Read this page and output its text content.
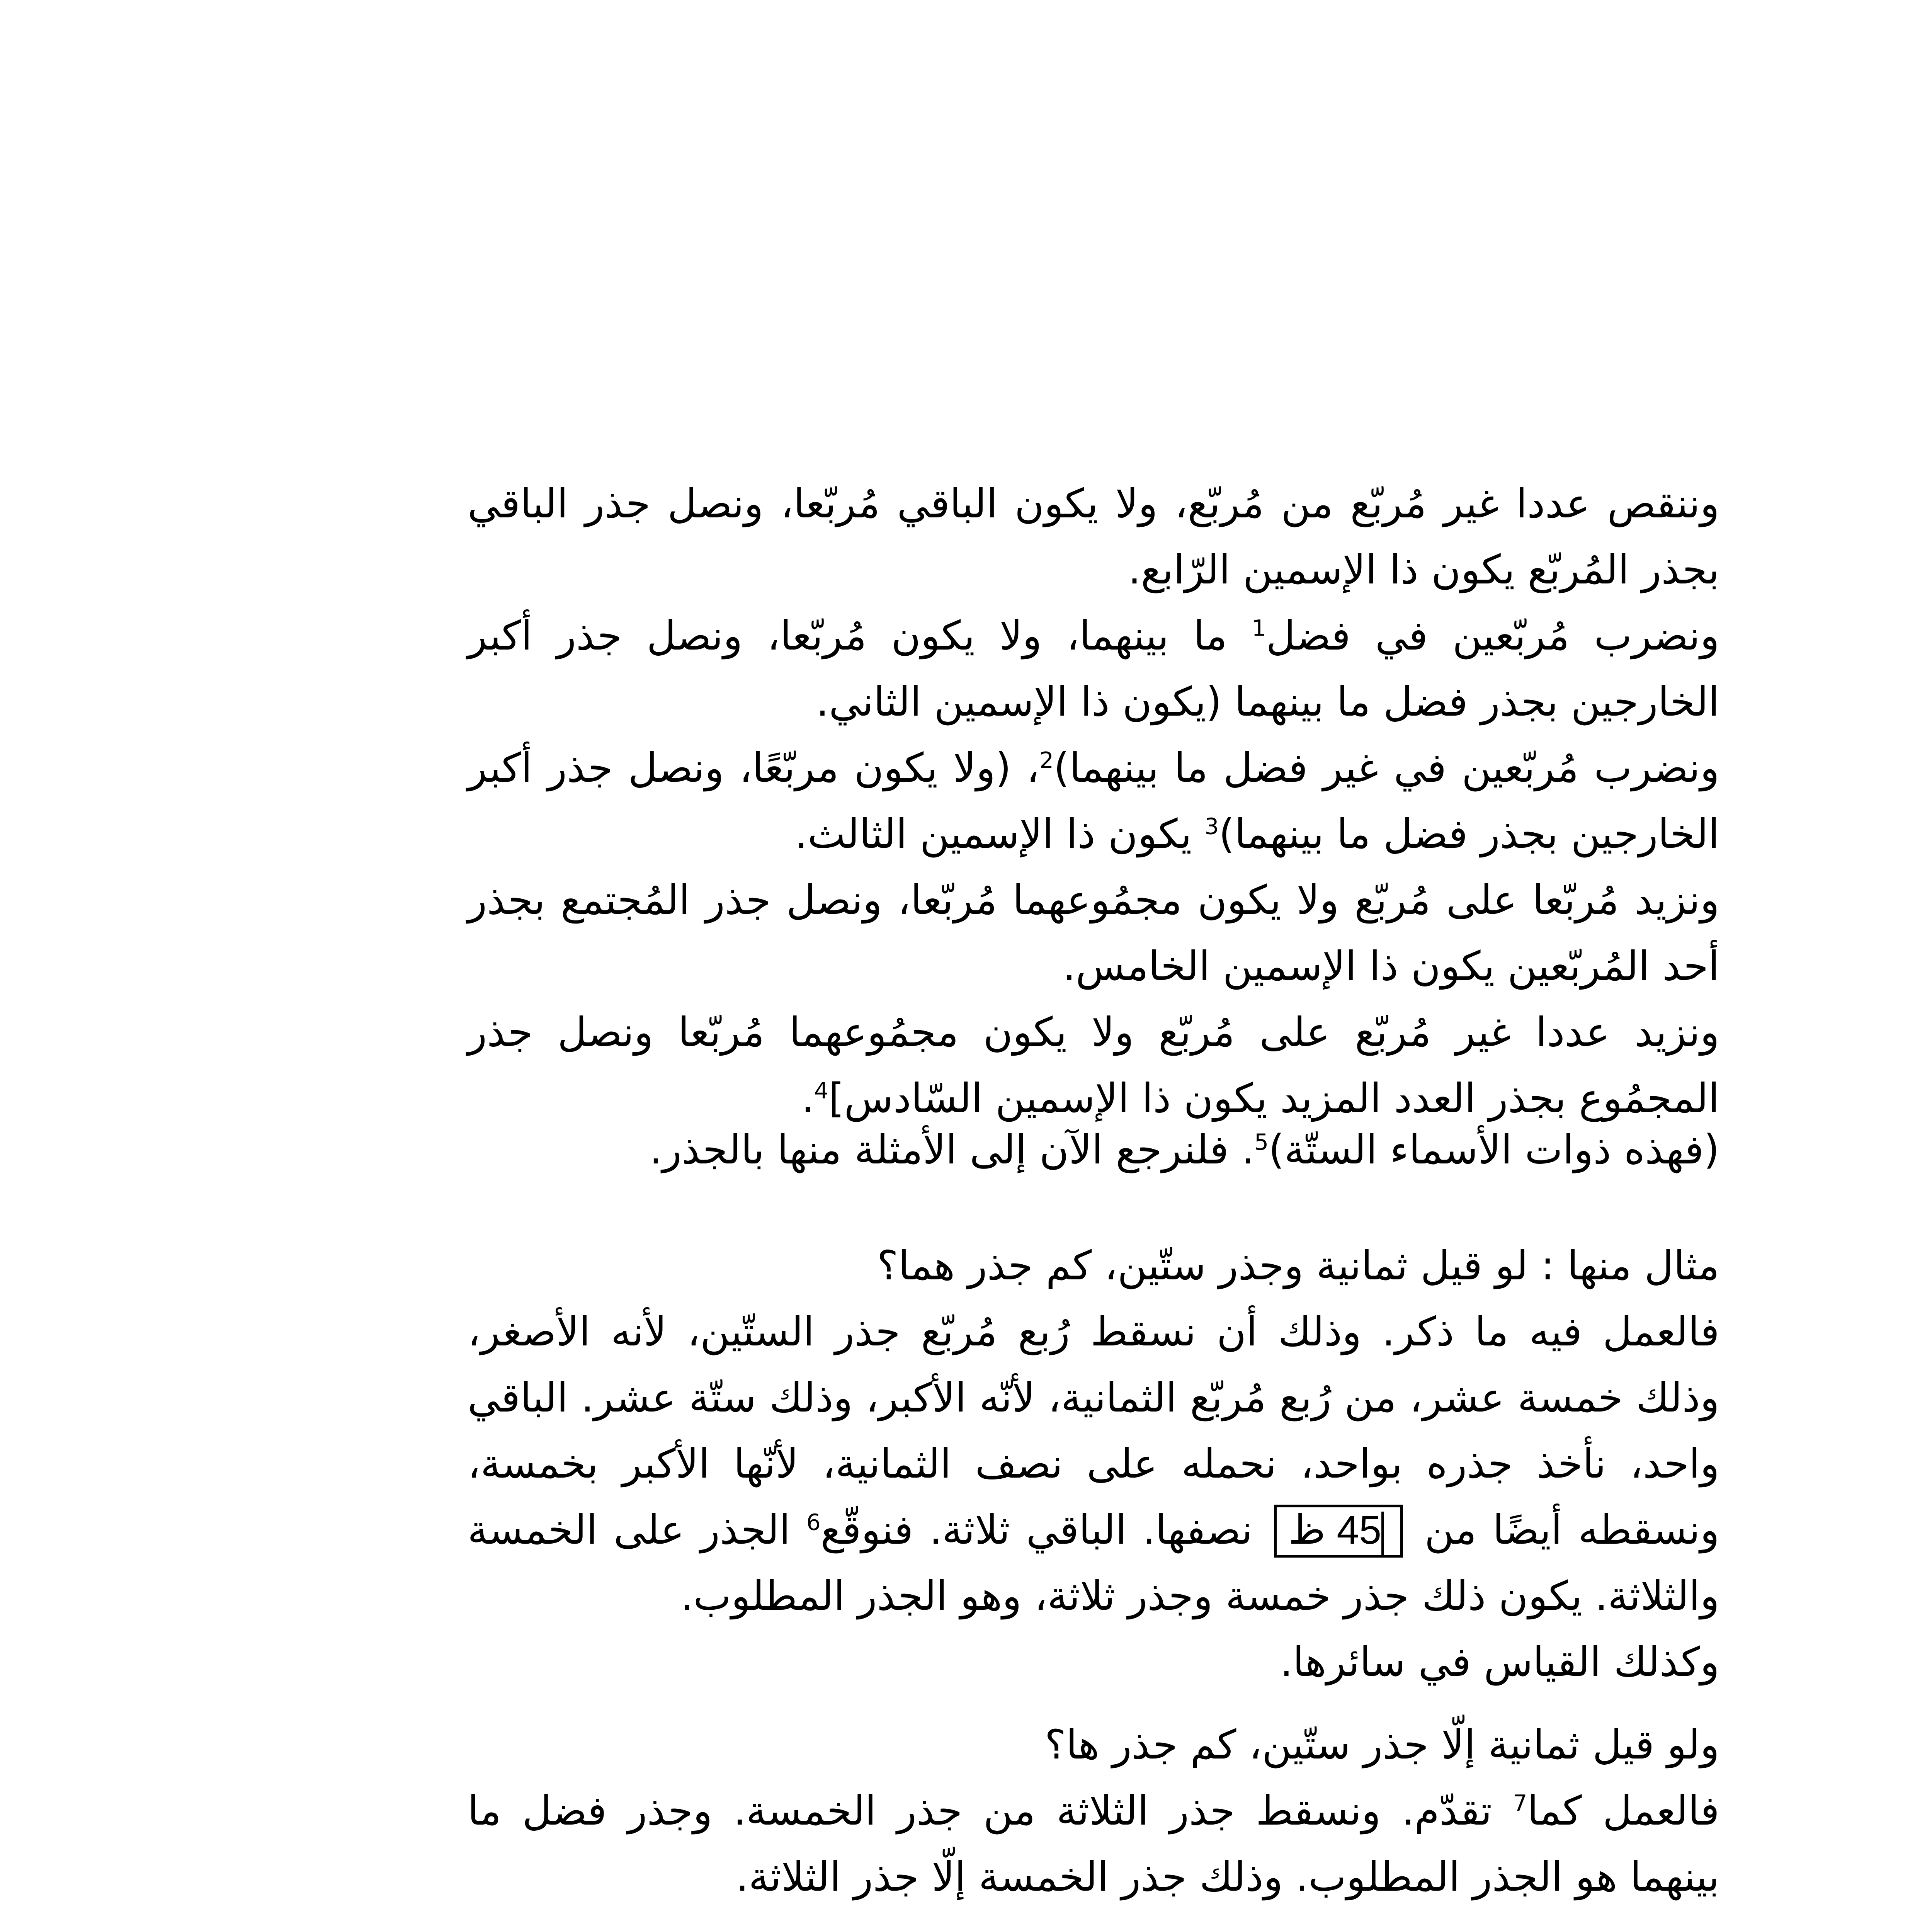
وننقص عددا غير مُربّع من مُربّع، ولا يكون الباقي مُربّعا، ونصل جذر الباقي بجذر المُربّع يكون ذا الإسمين الرّابع.

ونضرب مُربّعين في فضل$^1$ ما بينهما، ولا يكون مُربّعا، ونصل جذر أكبر الخارجين بجذر فضل ما بينهما (يكون ذا الإسمين الثاني.

ونضرب مُربّعين في غير فضل ما بينهما)$^2$، (ولا يكون مربّعًا، ونصل جذر أكبر الخارجين بجذر فضل ما بينهما)$^3$ يكون ذا الإسمين الثالث.

ونزيد مُربّعا على مُربّع ولا يكون مجمُوعهما مُربّعا، ونصل جذر المُجتمع بجذر أحد المُربّعين يكون ذا الإسمين الخامس.

ونزيد عددا غير مُربّع على مُربّع ولا يكون مجمُوعهما مُربّعا ونصل جذر المجمُوع بجذر العدد المزيد يكون ذا الإسمين السّادس]$^4$.

(فهذه ذوات الأسماء الستّة)$^5$. فلنرجع الآن إلى الأمثلة منها بالجذر.

مثال منها : لو قيل ثمانية وجذر ستّين، كم جذر هما؟

فالعمل فيه ما ذكر. وذلك أن نسقط رُبع مُربّع جذر الستّين، لأنه الأصغر، وذلك خمسة عشر، من رُبع مُربّع الثمانية، لأنّه الأكبر، وذلك ستّة عشر. الباقي واحد، نأخذ جذره بواحد، نحمله على نصف الثمانية، لأنّها الأكبر بخمسة، ونسقطه أيضًا من 45 ظ نصفها. الباقي ثلاثة. فنوقّع$^6$ الجذر على الخمسة والثلاثة. يكون ذلك جذر خمسة وجذر ثلاثة، وهو الجذر المطلوب.

وكذلك القياس في سائرها.

ولو قيل ثمانية إلّا جذر ستّين، كم جذر ها؟

فالعمل كما$^7$ تقدّم. ونسقط جذر الثلاثة من جذر الخمسة. وجذر فضل ما بينهما هو الجذر المطلوب. وذلك جذر الخمسة إلّا جذر الثلاثة.
